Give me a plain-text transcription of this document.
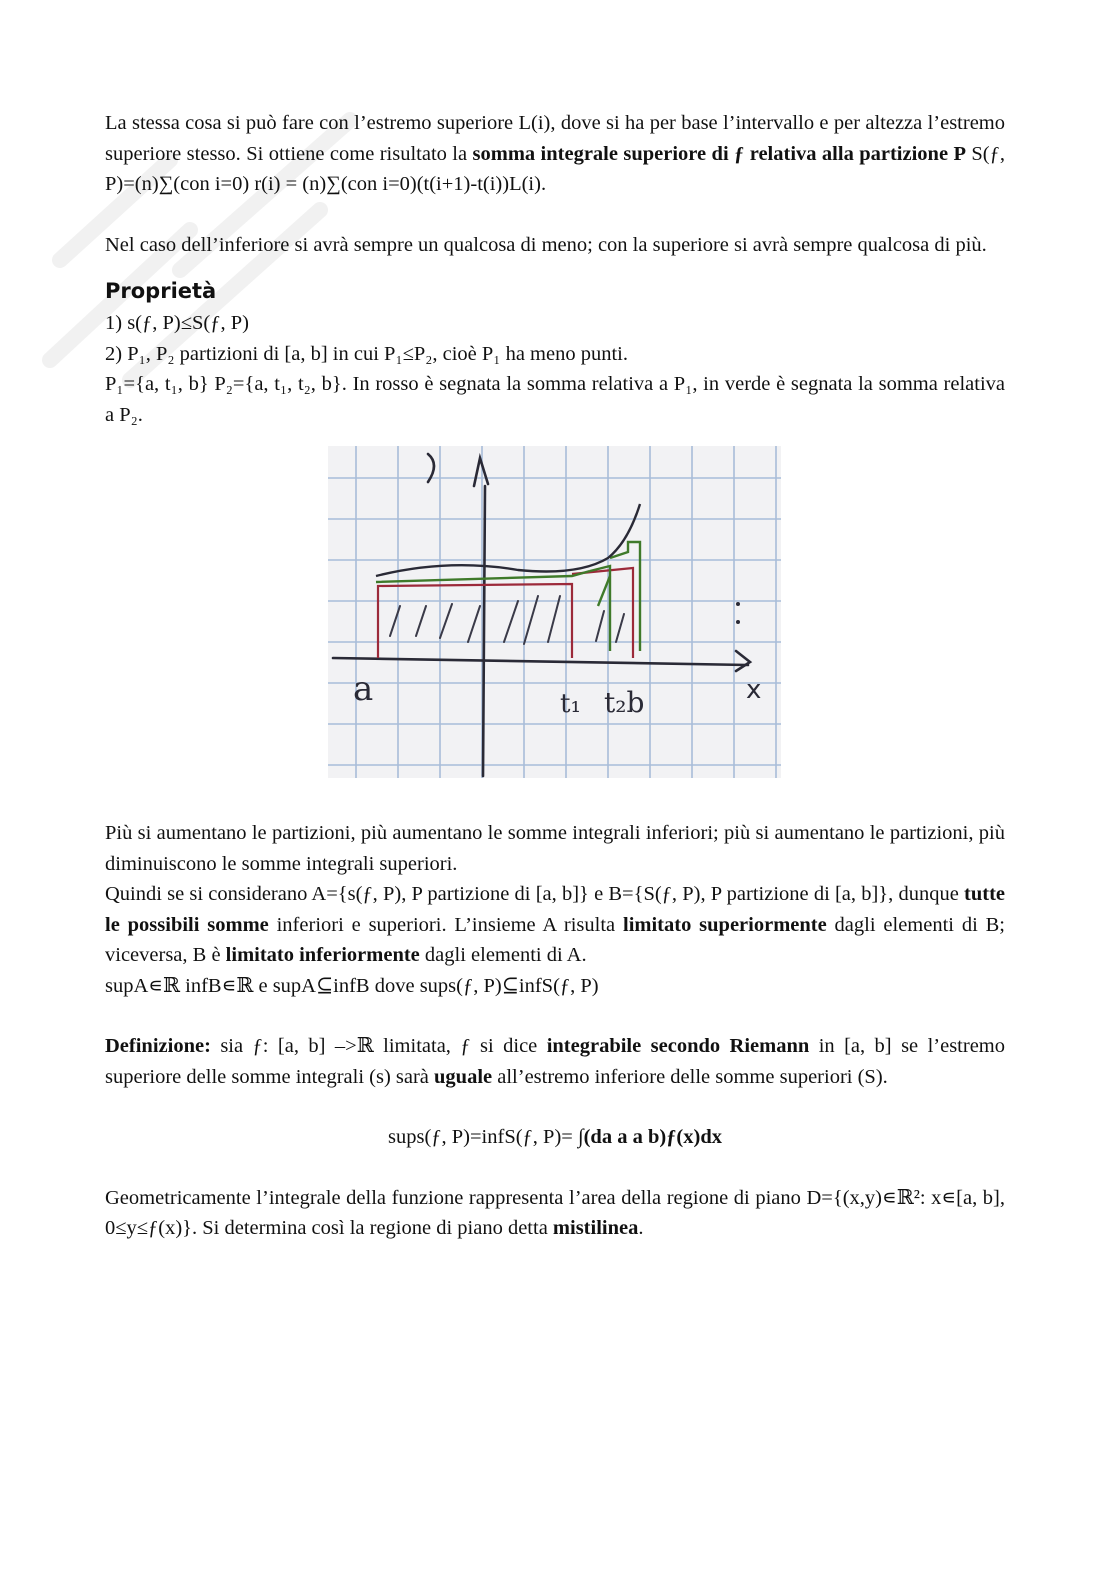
La stessa cosa si può fare con l’estremo superiore L(i), dove si ha per base l’intervallo e per altezza l’estremo superiore stesso. Si ottiene come risultato la somma integrale superiore di ƒ relativa alla partizione P S(ƒ, P)=(n)∑(con i=0) r(i) = (n)∑(con i=0)(t(i+1)-t(i))L(i).

Nel caso dell’inferiore si avrà sempre un qualcosa di meno; con la superiore si avrà sempre qualcosa di più.

Proprietà

1) s(ƒ, P)≤S(ƒ, P)

2) P₁, P₂ partizioni di [a, b] in cui P₁≤P₂, cioè P₁ ha meno punti.

P₁={a, t₁, b} P₂={a, t₁, t₂, b}. In rosso è segnata la somma relativa a P₁, in verde è segnata la somma relativa a P₂.

a	t₁ t₂b	x

Più si aumentano le partizioni, più aumentano le somme integrali inferiori; più si aumentano le partizioni, più diminuiscono le somme integrali superiori.

Quindi se si considerano A={s(ƒ, P), P partizione di [a, b]} e B={S(ƒ, P), P partizione di [a, b]}, dunque tutte le possibili somme inferiori e superiori. L’insieme A risulta limitato superiormente dagli elementi di B; viceversa, B è limitato inferiormente dagli elementi di A.

supA∊ℝ infB∊ℝ e supA⊆infB dove sups(ƒ, P)⊆infS(ƒ, P)

Definizione: sia ƒ: [a, b] –>ℝ limitata, ƒ si dice integrabile secondo Riemann in [a, b] se l’estremo superiore delle somme integrali (s) sarà uguale all’estremo inferiore delle somme superiori (S).

sups(ƒ, P)=infS(ƒ, P)= ∫(da a a b)ƒ(x)dx

Geometricamente l’integrale della funzione rappresenta l’area della regione di piano D={(x,y)∊ℝ²: x∊[a, b], 0≤y≤ƒ(x)}. Si determina così la regione di piano detta mistilinea.
